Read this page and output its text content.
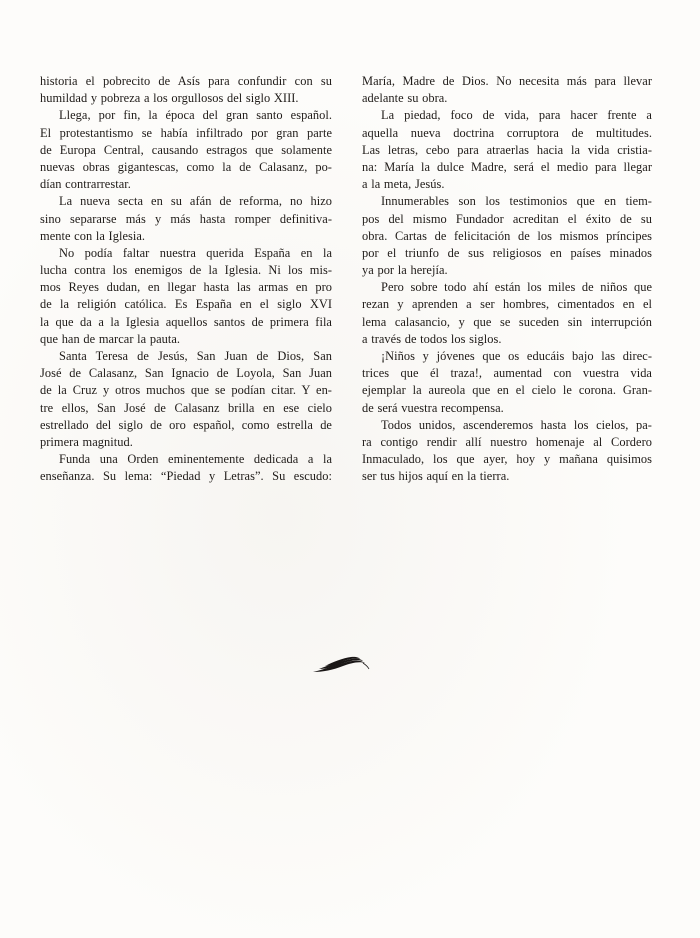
historia el pobrecito de Asís para confundir con su
humildad y pobreza a los orgullosos del siglo XIII.

Llega, por fin, la época del gran santo español.
El protestantismo se había infiltrado por gran parte
de Europa Central, causando estragos que solamente
nuevas obras gigantescas, como la de Calasanz, po-
dían contrarrestar.

La nueva secta en su afán de reforma, no hizo
sino separarse más y más hasta romper definitiva-
mente con la Iglesia.

No podía faltar nuestra querida España en la
lucha contra los enemigos de la Iglesia. Ni los mis-
mos Reyes dudan, en llegar hasta las armas en pro
de la religión católica. Es España en el siglo XVI
la que da a la Iglesia aquellos santos de primera fila
que han de marcar la pauta.

Santa Teresa de Jesús, San Juan de Dios, San
José de Calasanz, San Ignacio de Loyola, San Juan
de la Cruz y otros muchos que se podían citar. Y en-
tre ellos, San José de Calasanz brilla en ese cielo
estrellado del siglo de oro español, como estrella de
primera magnitud.

Funda una Orden eminentemente dedicada a la
enseñanza. Su lema: “Piedad y Letras”. Su escudo:

María, Madre de Dios. No necesita más para llevar
adelante su obra.

La piedad, foco de vida, para hacer frente a
aquella nueva doctrina corruptora de multitudes.
Las letras, cebo para atraerlas hacia la vida cristia-
na: María la dulce Madre, será el medio para llegar
a la meta, Jesús.

Innumerables son los testimonios que en tiem-
pos del mismo Fundador acreditan el éxito de su
obra. Cartas de felicitación de los mismos príncipes
por el triunfo de sus religiosos en países minados
ya por la herejía.

Pero sobre todo ahí están los miles de niños que
rezan y aprenden a ser hombres, cimentados en el
lema calasancio, y que se suceden sin interrupción
a través de todos los siglos.

¡Niños y jóvenes que os educáis bajo las direc-
trices que él traza!, aumentad con vuestra vida
ejemplar la aureola que en el cielo le corona. Gran-
de será vuestra recompensa.

Todos unidos, ascenderemos hasta los cielos, pa-
ra contigo rendir allí nuestro homenaje al Cordero
Inmaculado, los que ayer, hoy y mañana quisimos
ser tus hijos aquí en la tierra.
